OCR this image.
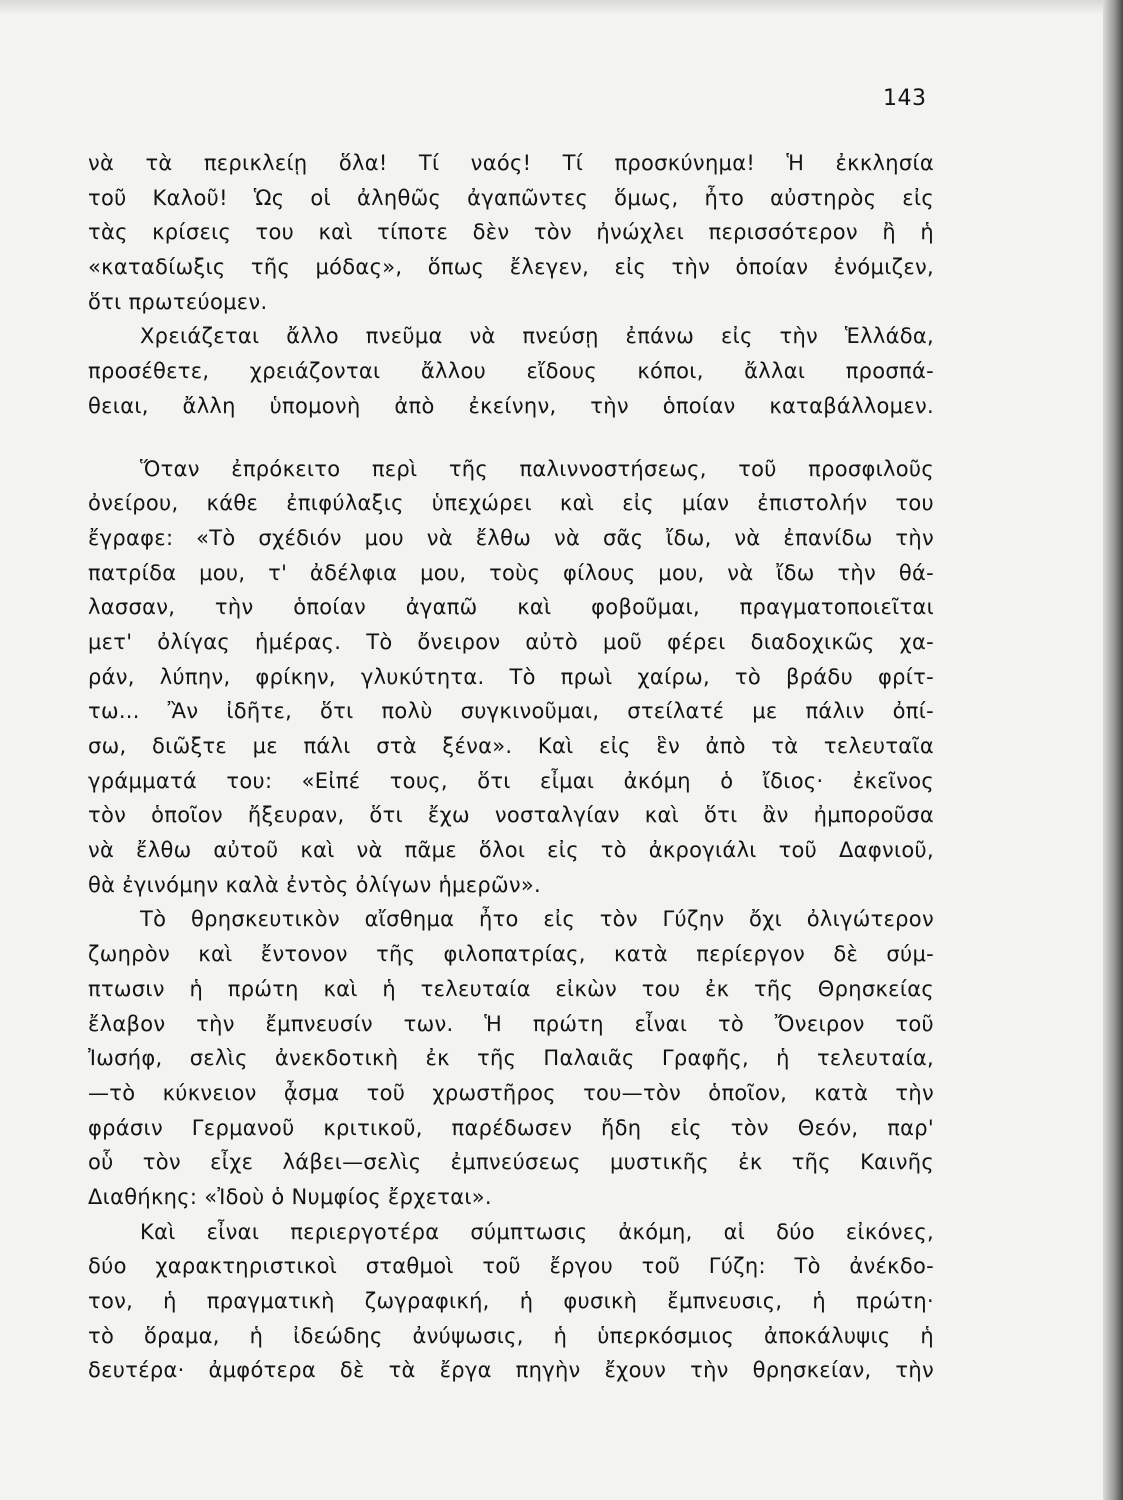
143
νὰ τὰ περικλείῃ ὅλα! Τί ναός! Τί προσκύνημα! Ἡ ἐκκλησία
τοῦ Καλοῦ! Ὡς οἱ ἀληθῶς ἀγαπῶντες ὅμως, ἦτο αὐστηρὸς εἰς
τὰς κρίσεις του καὶ τίποτε δὲν τὸν ἠνώχλει περισσότερον ἢ ἡ
«καταδίωξις τῆς μόδας», ὅπως ἔλεγεν, εἰς τὴν ὁποίαν ἐνόμιζεν,
ὅτι πρωτεύομεν.
Χρειάζεται ἄλλο πνεῦμα νὰ πνεύσῃ ἐπάνω εἰς τὴν Ἑλλάδα,
προσέθετε, χρειάζονται ἄλλου εἴδους κόποι, ἄλλαι προσπά-
θειαι, ἄλλη ὑπομονὴ ἀπὸ ἐκείνην, τὴν ὁποίαν καταβάλλομεν.
Ὅταν ἐπρόκειτο περὶ τῆς παλιννοστήσεως, τοῦ προσφιλοῦς
ὀνείρου, κάθε ἐπιφύλαξις ὑπεχώρει καὶ εἰς μίαν ἐπιστολήν του
ἔγραφε: «Τὸ σχέδιόν μου νὰ ἔλθω νὰ σᾶς ἴδω, νὰ ἐπανίδω τὴν
πατρίδα μου, τ' ἀδέλφια μου, τοὺς φίλους μου, νὰ ἴδω τὴν θά-
λασσαν, τὴν ὁποίαν ἀγαπῶ καὶ φοβοῦμαι, πραγματοποιεῖται
μετ' ὀλίγας ἡμέρας. Τὸ ὄνειρον αὐτὸ μοῦ φέρει διαδοχικῶς χα-
ράν, λύπην, φρίκην, γλυκύτητα. Τὸ πρωὶ χαίρω, τὸ βράδυ φρίτ-
τω... Ἂν ἰδῆτε, ὅτι πολὺ συγκινοῦμαι, στείλατέ με πάλιν ὀπί-
σω, διῶξτε με πάλι στὰ ξένα». Καὶ εἰς ἓν ἀπὸ τὰ τελευταῖα
γράμματά του: «Εἰπέ τους, ὅτι εἶμαι ἀκόμη ὁ ἴδιος· ἐκεῖνος
τὸν ὁποῖον ἤξευραν, ὅτι ἔχω νοσταλγίαν καὶ ὅτι ἂν ἠμποροῦσα
νὰ ἔλθω αὐτοῦ καὶ νὰ πᾶμε ὅλοι εἰς τὸ ἀκρογιάλι τοῦ Δαφνιοῦ,
θὰ ἐγινόμην καλὰ ἐντὸς ὀλίγων ἡμερῶν».
Τὸ θρησκευτικὸν αἴσθημα ἦτο εἰς τὸν Γύζην ὄχι ὀλιγώτερον
ζωηρὸν καὶ ἔντονον τῆς φιλοπατρίας, κατὰ περίεργον δὲ σύμ-
πτωσιν ἡ πρώτη καὶ ἡ τελευταία εἰκὼν του ἐκ τῆς Θρησκείας
ἔλαβον τὴν ἔμπνευσίν των. Ἡ πρώτη εἶναι τὸ Ὄνειρον τοῦ
Ἰωσήφ, σελὶς ἀνεκδοτικὴ ἐκ τῆς Παλαιᾶς Γραφῆς, ἡ τελευταία,
—τὸ κύκνειον ᾆσμα τοῦ χρωστῆρος του—τὸν ὁποῖον, κατὰ τὴν
φράσιν Γερμανοῦ κριτικοῦ, παρέδωσεν ἤδη εἰς τὸν Θεόν, παρ'
οὗ τὸν εἶχε λάβει—σελὶς ἐμπνεύσεως μυστικῆς ἐκ τῆς Καινῆς
Διαθήκης: «Ἰδοὺ ὁ Νυμφίος ἔρχεται».
Καὶ εἶναι περιεργοτέρα σύμπτωσις ἀκόμη, αἱ δύο εἰκόνες,
δύο χαρακτηριστικοὶ σταθμοὶ τοῦ ἔργου τοῦ Γύζη: Τὸ ἀνέκδο-
τον, ἡ πραγματικὴ ζωγραφική, ἡ φυσικὴ ἔμπνευσις, ἡ πρώτη·
τὸ ὅραμα, ἡ ἰδεώδης ἀνύψωσις, ἡ ὑπερκόσμιος ἀποκάλυψις ἡ
δευτέρα· ἀμφότερα δὲ τὰ ἔργα πηγὴν ἔχουν τὴν θρησκείαν, τὴν
